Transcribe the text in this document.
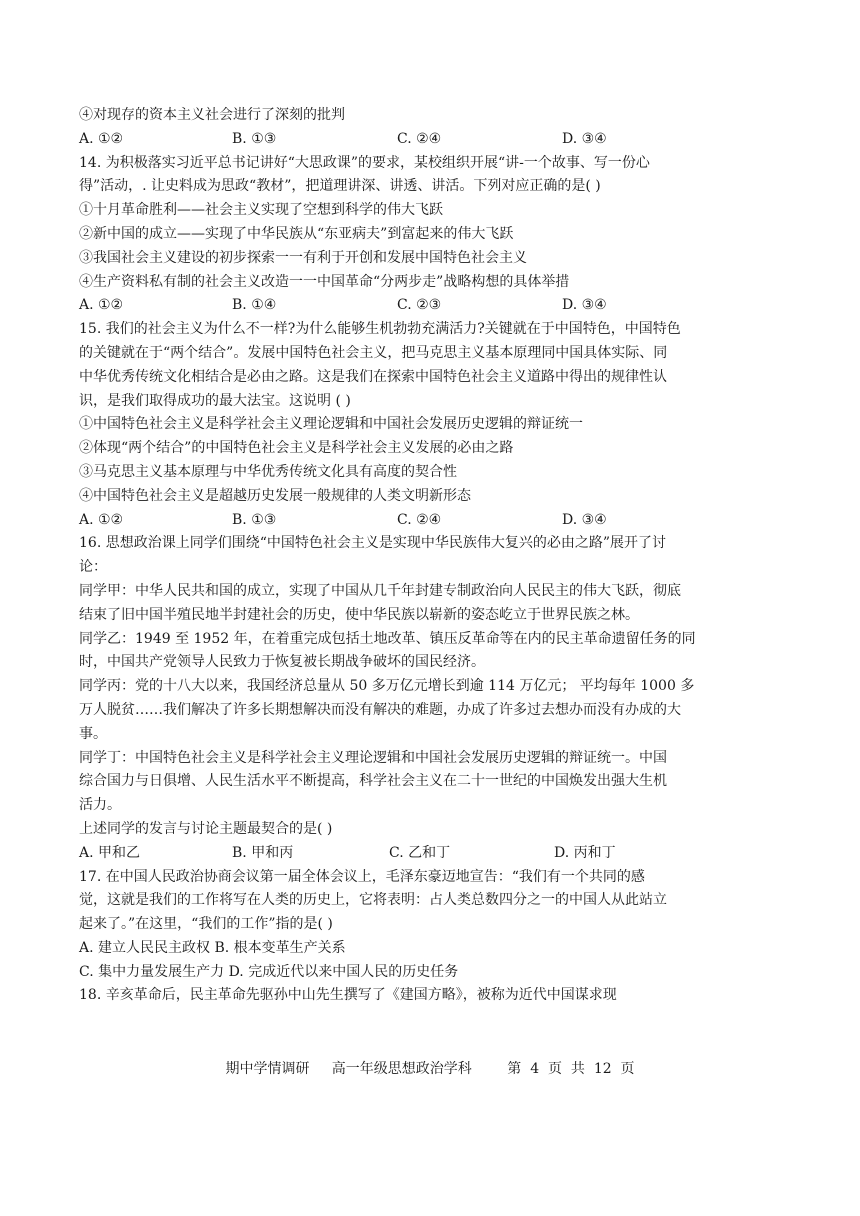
④对现存的资本主义社会进行了深刻的批判
A. ①②	B. ①③	C. ②④	D. ③④
14. 为积极落实习近平总书记讲好“大思政课”的要求，某校组织开展“讲-一个故事、写一份心
得”活动，. 让史料成为思政“教材”，把道理讲深、讲透、讲活。下列对应正确的是( )
①十月革命胜利——社会主义实现了空想到科学的伟大飞跃
②新中国的成立——实现了中华民族从“东亚病夫”到富起来的伟大飞跃
③我国社会主义建设的初步探索一一有利于开创和发展中国特色社会主义
④生产资料私有制的社会主义改造一一中国革命“分两步走”战略构想的具体举措
A. ①②	B. ①④	C. ②③	D. ③④
15. 我们的社会主义为什么不一样?为什么能够生机勃勃充满活力?关键就在于中国特色，中国特色
的关键就在于“两个结合”。发展中国特色社会主义，把马克思主义基本原理同中国具体实际、同
中华优秀传统文化相结合是必由之路。这是我们在探索中国特色社会主义道路中得出的规律性认
识，是我们取得成功的最大法宝。这说明 ( )
①中国特色社会主义是科学社会主义理论逻辑和中国社会发展历史逻辑的辩证统一
②体现“两个结合”的中国特色社会主义是科学社会主义发展的必由之路
③马克思主义基本原理与中华优秀传统文化具有高度的契合性
④中国特色社会主义是超越历史发展一般规律的人类文明新形态
A. ①②	B. ①③	C. ②④	D. ③④
16. 思想政治课上同学们围绕“中国特色社会主义是实现中华民族伟大复兴的必由之路”展开了讨
论：
同学甲：中华人民共和国的成立，实现了中国从几千年封建专制政治向人民民主的伟大飞跃，彻底
结束了旧中国半殖民地半封建社会的历史，使中华民族以崭新的姿态屹立于世界民族之林。
同学乙：1949 至 1952 年，在着重完成包括土地改革、镇压反革命等在内的民主革命遗留任务的同
时，中国共产党领导人民致力于恢复被长期战争破坏的国民经济。
同学丙：党的十八大以来，我国经济总量从 50 多万亿元增长到逾 114 万亿元； 平均每年 1000 多
万人脱贫……我们解决了许多长期想解决而没有解决的难题，办成了许多过去想办而没有办成的大
事。
同学丁：中国特色社会主义是科学社会主义理论逻辑和中国社会发展历史逻辑的辩证统一。中国
综合国力与日俱增、人民生活水平不断提高，科学社会主义在二十一世纪的中国焕发出强大生机
活力。
上述同学的发言与讨论主题最契合的是( )
A. 甲和乙	B. 甲和丙	C. 乙和丁	D. 丙和丁
17. 在中国人民政治协商会议第一届全体会议上，毛泽东豪迈地宣告：“我们有一个共同的感
觉，这就是我们的工作将写在人类的历史上，它将表明：占人类总数四分之一的中国人从此站立
起来了。”在这里，“我们的工作”指的是( )
A. 建立人民民主政权 B. 根本变革生产关系
C. 集中力量发展生产力 D. 完成近代以来中国人民的历史任务
18. 辛亥革命后，民主革命先驱孙中山先生撰写了《建国方略》，被称为近代中国谋求现
期中学情调研     高一年级思想政治学科        第  4  页  共  12  页
